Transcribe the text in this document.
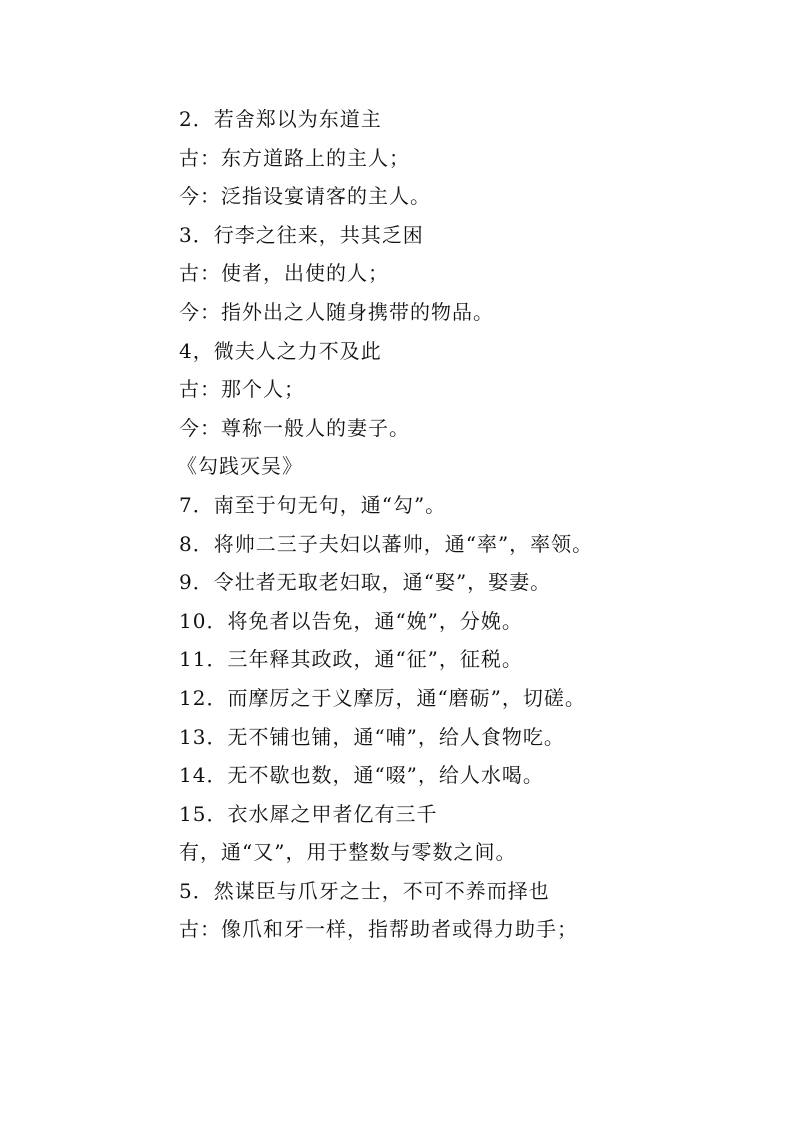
2．若舍郑以为东道主
古：东方道路上的主人；
今：泛指设宴请客的主人。
3．行李之往来，共其乏困
古：使者，出使的人；
今：指外出之人随身携带的物品。
4，微夫人之力不及此
古：那个人；
今：尊称一般人的妻子。
《勾践灭吴》
7．南至于句无句，通“勾”。
8．将帅二三子夫妇以蕃帅，通“率”，率领。
9．令壮者无取老妇取，通“娶”，娶妻。
10．将免者以告免，通“娩”，分娩。
11．三年释其政政，通“征”，征税。
12．而摩厉之于义摩厉，通“磨砺”，切磋。
13．无不铺也铺，通“哺”，给人食物吃。
14．无不歇也数，通“啜”，给人水喝。
15．衣水犀之甲者亿有三千
有，通“又”，用于整数与零数之间。
5．然谋臣与爪牙之士，不可不养而择也
古：像爪和牙一样，指帮助者或得力助手；
